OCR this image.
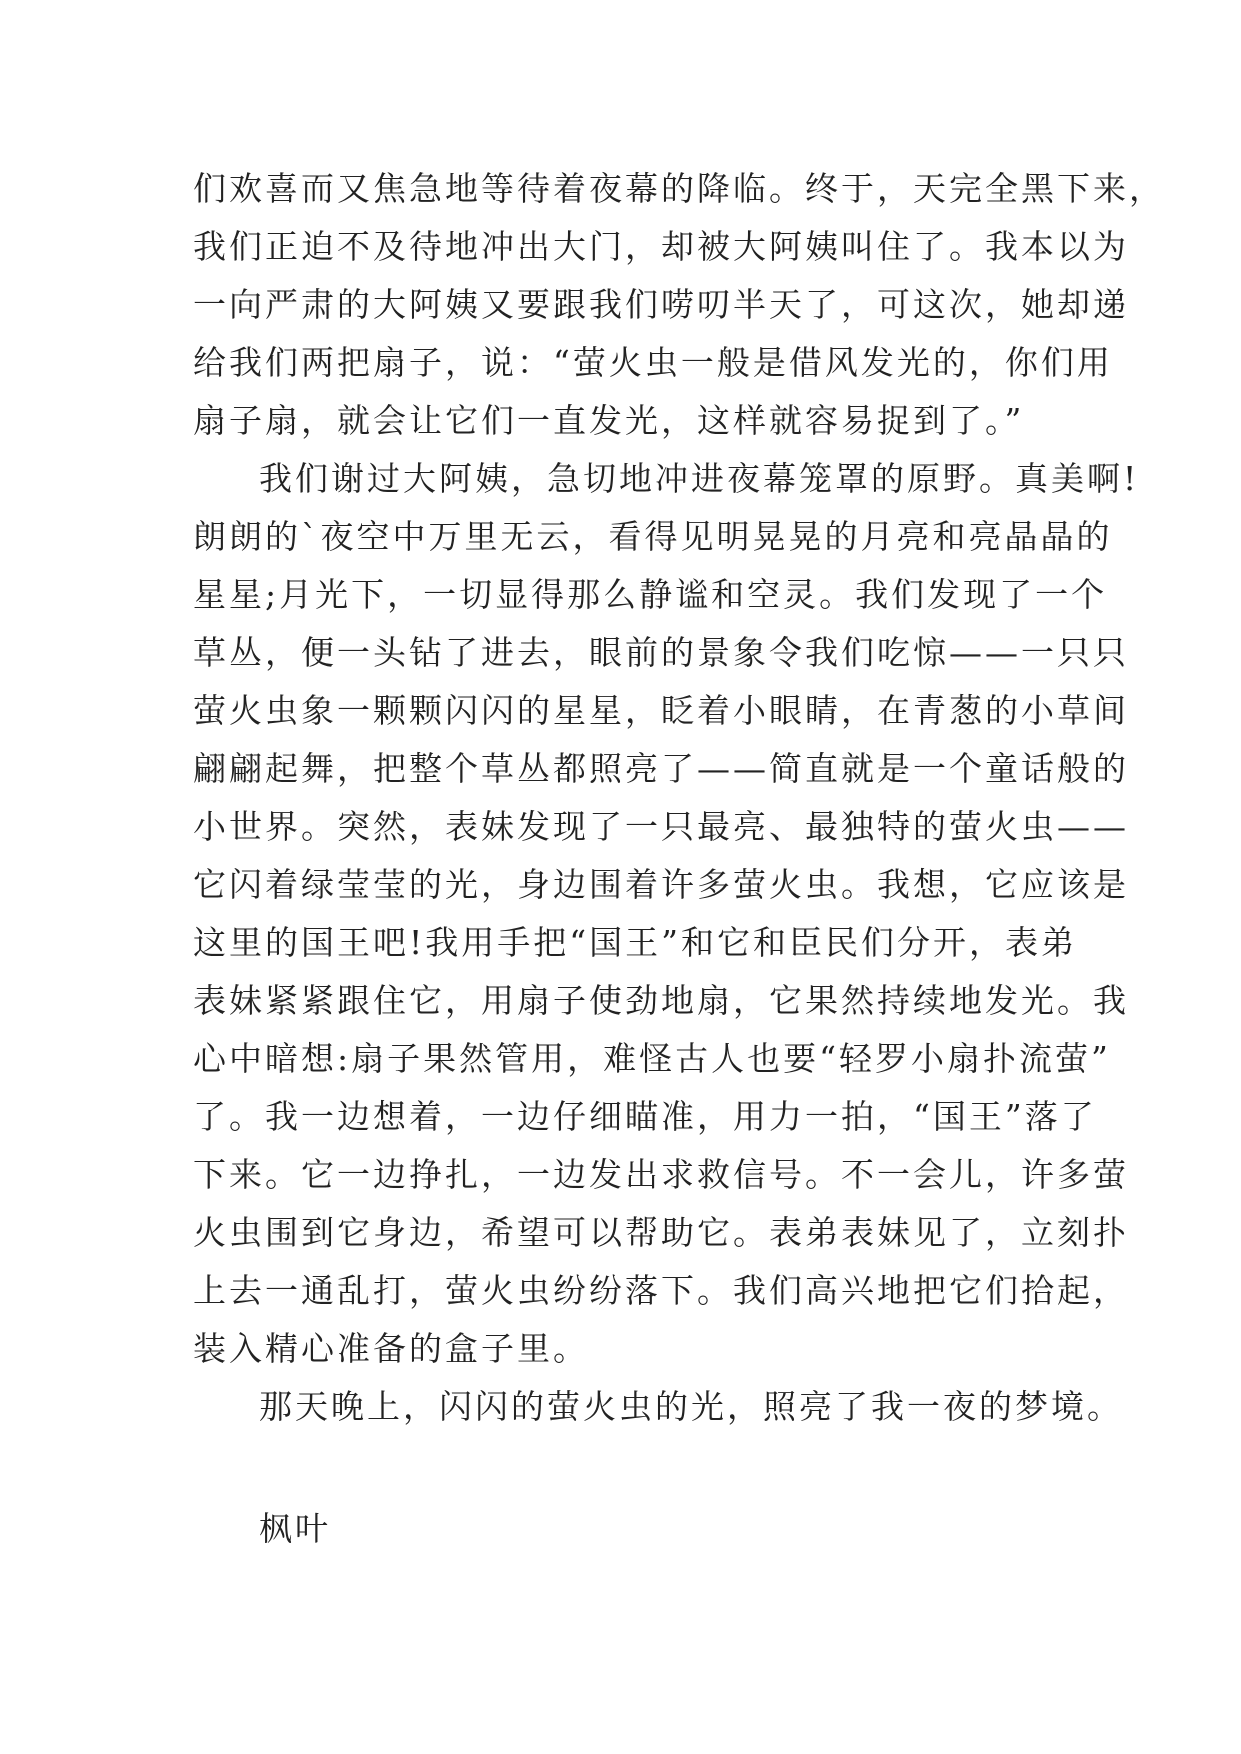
们欢喜而又焦急地等待着夜幕的降临。终于，天完全黑下来，
我们正迫不及待地冲出大门，却被大阿姨叫住了。我本以为
一向严肃的大阿姨又要跟我们唠叨半天了，可这次，她却递
给我们两把扇子，说：“萤火虫一般是借风发光的，你们用
扇子扇，就会让它们一直发光，这样就容易捉到了。”
我们谢过大阿姨，急切地冲进夜幕笼罩的原野。真美啊!
朗朗的`夜空中万里无云，看得见明晃晃的月亮和亮晶晶的
星星;月光下，一切显得那么静谧和空灵。我们发现了一个
草丛，便一头钻了进去，眼前的景象令我们吃惊——一只只
萤火虫象一颗颗闪闪的星星，眨着小眼睛，在青葱的小草间
翩翩起舞，把整个草丛都照亮了——简直就是一个童话般的
小世界。突然，表妹发现了一只最亮、最独特的萤火虫——
它闪着绿莹莹的光，身边围着许多萤火虫。我想，它应该是
这里的国王吧!我用手把“国王”和它和臣民们分开，表弟
表妹紧紧跟住它，用扇子使劲地扇，它果然持续地发光。我
心中暗想:扇子果然管用，难怪古人也要“轻罗小扇扑流萤”
了。我一边想着，一边仔细瞄准，用力一拍，“国王”落了
下来。它一边挣扎，一边发出求救信号。不一会儿，许多萤
火虫围到它身边，希望可以帮助它。表弟表妹见了，立刻扑
上去一通乱打，萤火虫纷纷落下。我们高兴地把它们拾起，
装入精心准备的盒子里。
那天晚上，闪闪的萤火虫的光，照亮了我一夜的梦境。
枫叶
